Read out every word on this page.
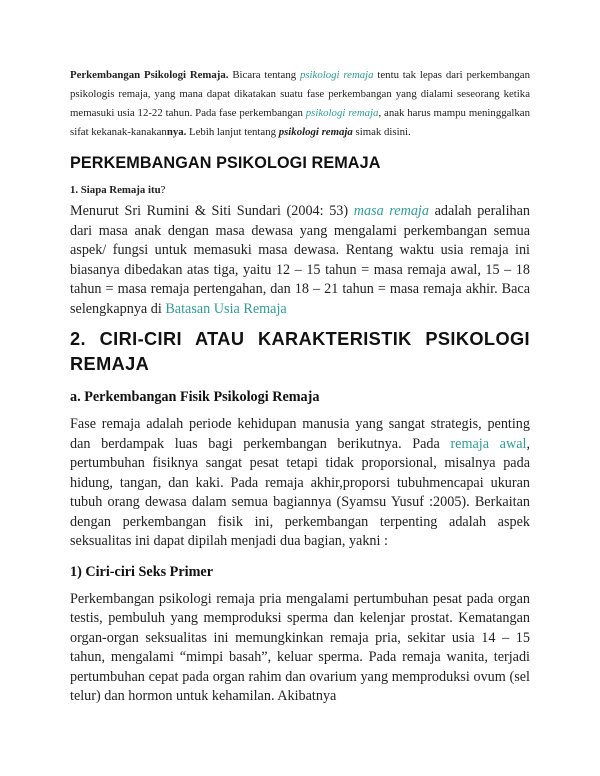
Perkembangan Psikologi Remaja. Bicara tentang psikologi remaja tentu tak lepas dari perkembangan psikologis remaja, yang mana dapat dikatakan suatu fase perkembangan yang dialami seseorang ketika memasuki usia 12-22 tahun. Pada fase perkembangan psikologi remaja, anak harus mampu meninggalkan sifat kekanak-kanakannya. Lebih lanjut tentang psikologi remaja simak disini.

PERKEMBANGAN PSIKOLOGI REMAJA

1. Siapa Remaja itu?

Menurut Sri Rumini & Siti Sundari (2004: 53) masa remaja adalah peralihan dari masa anak dengan masa dewasa yang mengalami perkembangan semua aspek/ fungsi untuk memasuki masa dewasa. Rentang waktu usia remaja ini biasanya dibedakan atas tiga, yaitu 12 – 15 tahun = masa remaja awal, 15 – 18 tahun = masa remaja pertengahan, dan 18 – 21 tahun = masa remaja akhir. Baca selengkapnya di Batasan Usia Remaja

2. CIRI-CIRI ATAU KARAKTERISTIK PSIKOLOGI REMAJA

a. Perkembangan Fisik Psikologi Remaja

Fase remaja adalah periode kehidupan manusia yang sangat strategis, penting dan berdampak luas bagi perkembangan berikutnya. Pada remaja awal, pertumbuhan fisiknya sangat pesat tetapi tidak proporsional, misalnya pada hidung, tangan, dan kaki. Pada remaja akhir,proporsi tubuhmencapai ukuran tubuh orang dewasa dalam semua bagiannya (Syamsu Yusuf :2005). Berkaitan dengan perkembangan fisik ini, perkembangan terpenting adalah aspek seksualitas ini dapat dipilah menjadi dua bagian, yakni :

1) Ciri-ciri Seks Primer

Perkembangan psikologi remaja pria mengalami pertumbuhan pesat pada organ testis, pembuluh yang memproduksi sperma dan kelenjar prostat. Kematangan organ-organ seksualitas ini memungkinkan remaja pria, sekitar usia 14 – 15 tahun, mengalami “mimpi basah”, keluar sperma. Pada remaja wanita, terjadi pertumbuhan cepat pada organ rahim dan ovarium yang memproduksi ovum (sel telur) dan hormon untuk kehamilan. Akibatnya
